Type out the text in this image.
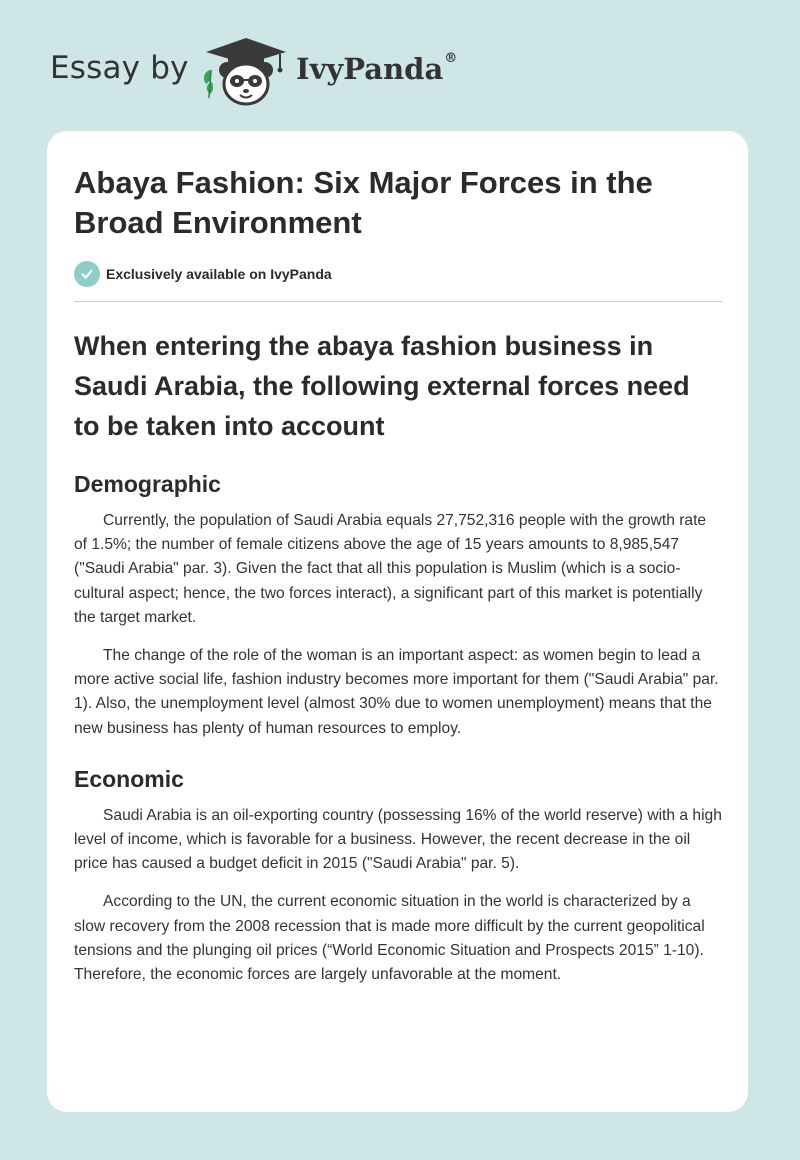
Essay by	IvyPanda®
Abaya Fashion: Six Major Forces in the Broad Environment
Exclusively available on IvyPanda
When entering the abaya fashion business in Saudi Arabia, the following external forces need to be taken into account
Demographic

Currently, the population of Saudi Arabia equals 27,752,316 people with the growth rate of 1.5%; the number of female citizens above the age of 15 years amounts to 8,985,547 ("Saudi Arabia" par. 3). Given the fact that all this population is Muslim (which is a socio-cultural aspect; hence, the two forces interact), a significant part of this market is potentially the target market.

The change of the role of the woman is an important aspect: as women begin to lead a more active social life, fashion industry becomes more important for them ("Saudi Arabia" par. 1). Also, the unemployment level (almost 30% due to women unemployment) means that the new business has plenty of human resources to employ.

Economic

Saudi Arabia is an oil-exporting country (possessing 16% of the world reserve) with a high level of income, which is favorable for a business. However, the recent decrease in the oil price has caused a budget deficit in 2015 ("Saudi Arabia" par. 5).

According to the UN, the current economic situation in the world is characterized by a slow recovery from the 2008 recession that is made more difficult by the current geopolitical tensions and the plunging oil prices (“World Economic Situation and Prospects 2015” 1-10). Therefore, the economic forces are largely unfavorable at the moment.
